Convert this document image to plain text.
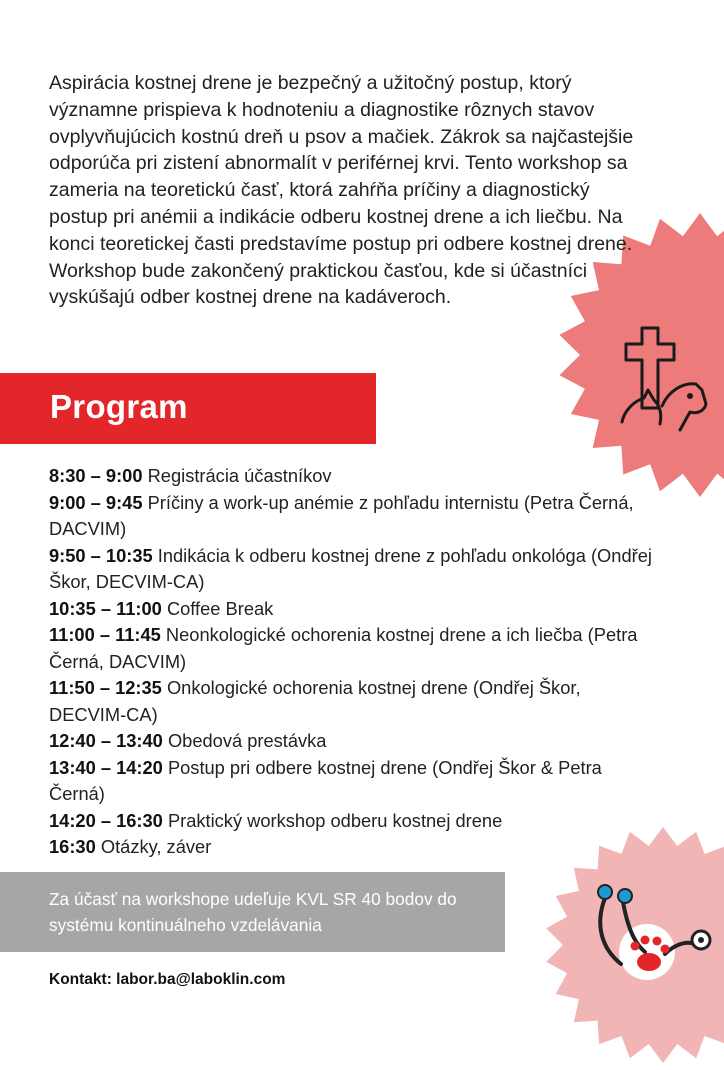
Aspirácia kostnej drene je bezpečný a užitočný postup, ktorý významne prispieva k hodnoteniu a diagnostike rôznych stavov ovplyvňujúcich kostnú dreň u psov a mačiek. Zákrok sa najčastejšie odporúča pri zistení abnormalít v periférnej krvi. Tento workshop sa zameria na teoretickú časť, ktorá zahŕňa príčiny a diagnostický postup pri anémii a indikácie odberu kostnej drene a ich liečbu. Na konci teoretickej časti predstavíme postup pri odbere kostnej drene. Workshop bude zakončený praktickou časťou, kde si účastníci vyskúšajú odber kostnej drene na kadáveroch.

Program
8:30 – 9:00 Registrácia účastníkov
9:00 – 9:45 Príčiny a work-up anémie z pohľadu internistu (Petra Černá, DACVIM)
9:50 – 10:35 Indikácia k odberu kostnej drene z pohľadu onkológa (Ondřej Škor, DECVIM-CA)
10:35 – 11:00 Coffee Break
11:00 – 11:45 Neonkologické ochorenia kostnej drene a ich liečba (Petra Černá, DACVIM)
11:50 – 12:35 Onkologické ochorenia kostnej drene (Ondřej Škor, DECVIM-CA)
12:40 – 13:40 Obedová prestávka
13:40 – 14:20 Postup pri odbere kostnej drene (Ondřej Škor & Petra Černá)
14:20 – 16:30 Praktický workshop odberu kostnej drene
16:30 Otázky, záver

Za účasť na workshope udeľuje KVL SR 40 bodov do systému kontinuálneho vzdelávania

Kontakt: labor.ba@laboklin.com
